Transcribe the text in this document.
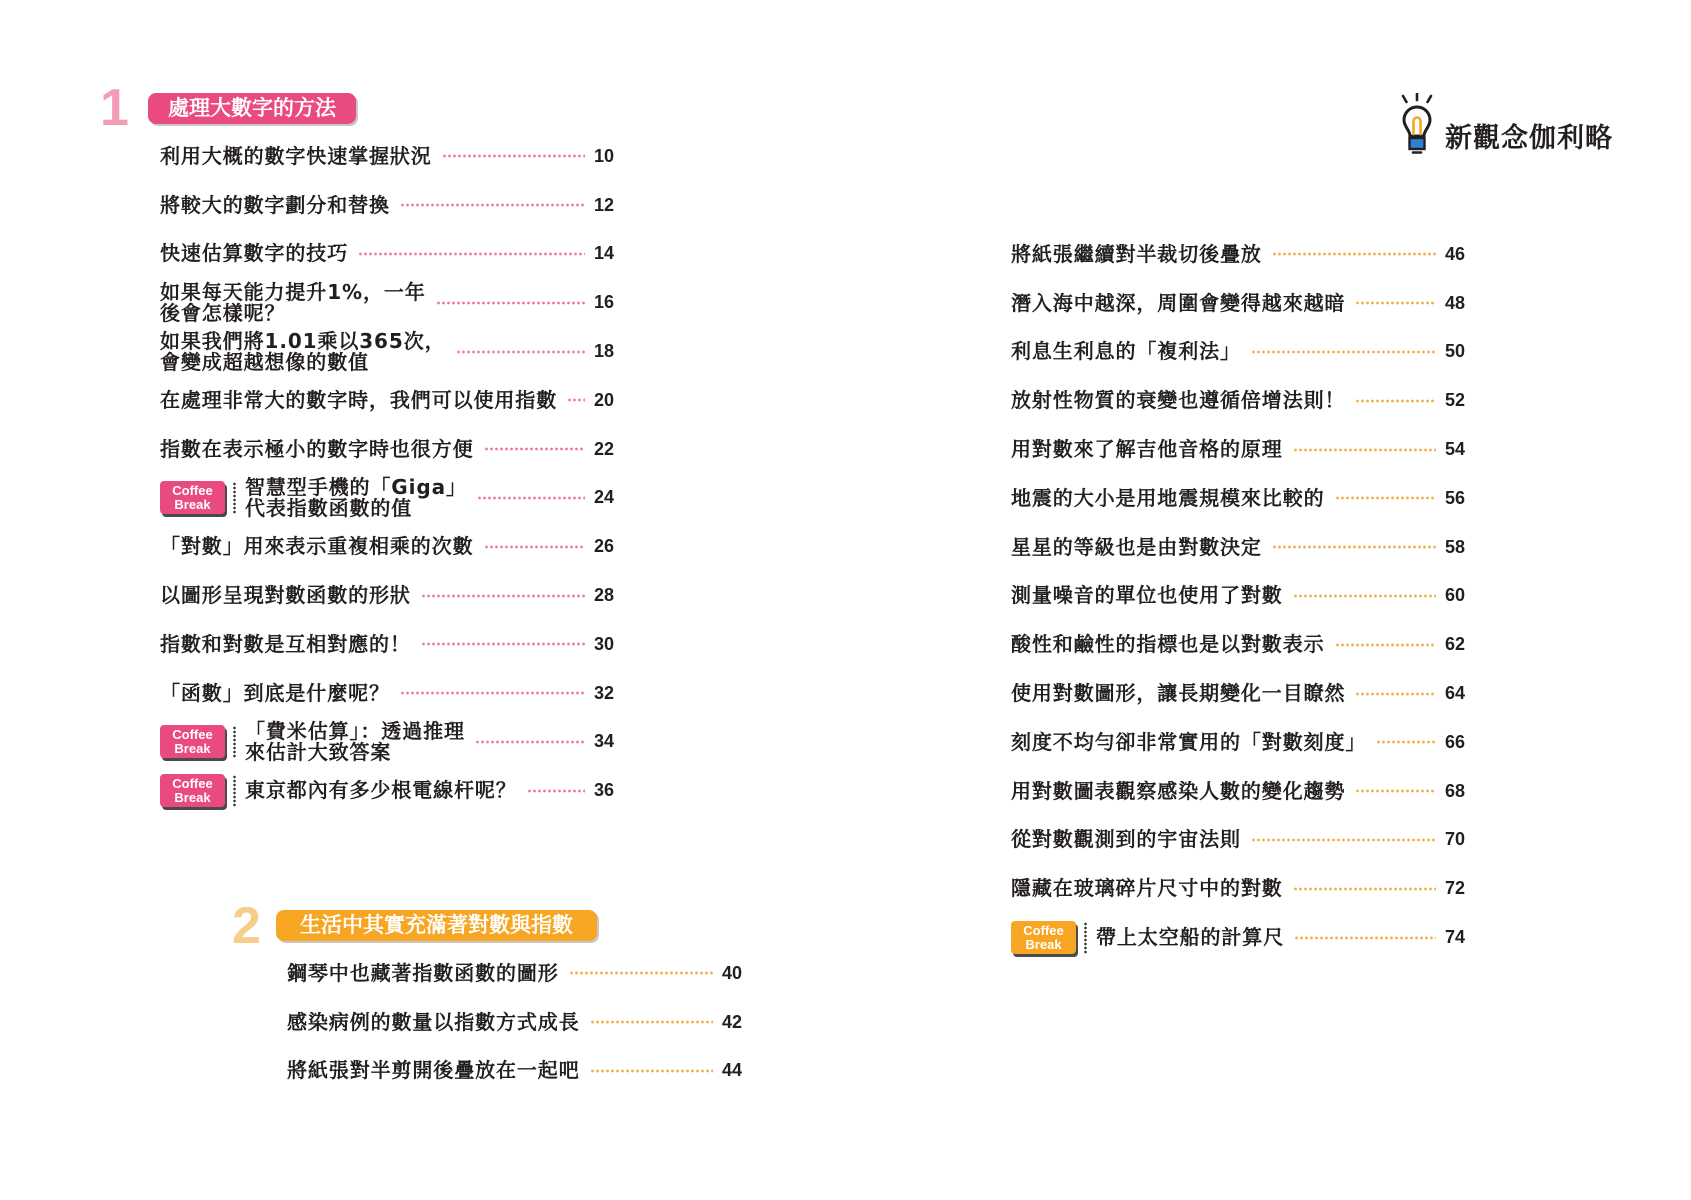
新觀念伽利略
1	處理大數字的方法
利用大概的數字快速掌握狀況	10
將較大的數字劃分和替換	12
快速估算數字的技巧	14
如果每天能力提升1%，一年
後會怎樣呢？	16
如果我們將1.01乘以365次，
會變成超越想像的數值	18
在處理非常大的數字時，我們可以使用指數 20
指數在表示極小的數字時也很方便	22
Coffee
Break
智慧型手機的「Giga」
代表指數函數的值	24
「對數」用來表示重複相乘的次數	26
以圖形呈現對數函數的形狀	28
指數和對數是互相對應的！	30
「函數」到底是什麼呢？	32
Coffee
Break
「費米估算」：透過推理
來估計大致答案	34
Coffee
Break 東京都內有多少根電線杆呢？	36
2	生活中其實充滿著對數與指數
鋼琴中也藏著指數函數的圖形	40
感染病例的數量以指數方式成長	42
將紙張對半剪開後疊放在一起吧	44
將紙張繼續對半裁切後疊放	46
潛入海中越深，周圍會變得越來越暗	48
利息生利息的「複利法」	50
放射性物質的衰變也遵循倍增法則！	52
用對數來了解吉他音格的原理	54
地震的大小是用地震規模來比較的	56
星星的等級也是由對數決定	58
測量噪音的單位也使用了對數	60
酸性和鹼性的指標也是以對數表示	62
使用對數圖形，讓長期變化一目瞭然	64
刻度不均勻卻非常實用的「對數刻度」	66
用對數圖表觀察感染人數的變化趨勢	68
從對數觀測到的宇宙法則	70
隱藏在玻璃碎片尺寸中的對數	72
Coffee
Break 帶上太空船的計算尺	74
